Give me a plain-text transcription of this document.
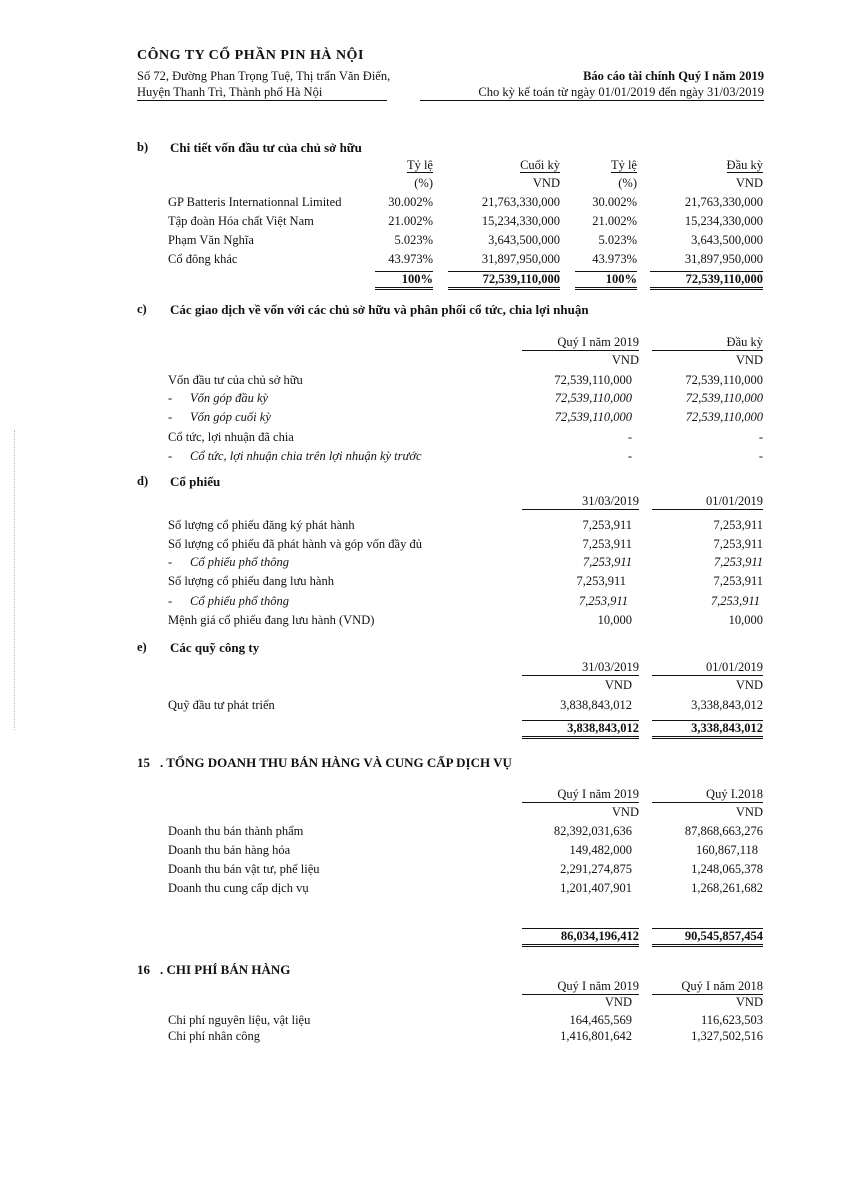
CÔNG TY CỔ PHẦN PIN HÀ NỘI
Số 72, Đường Phan Trọng Tuệ, Thị trấn Văn Điển,
Huyện Thanh Trì, Thành phố Hà Nội
Báo cáo tài chính Quý I năm 2019
Cho kỳ kế toán từ ngày 01/01/2019 đến ngày 31/03/2019
b) Chi tiết vốn đầu tư của chủ sở hữu
Tỷ lệ	Cuối kỳ	Tỷ lệ	Đầu kỳ
(%)	VND	(%)	VND
GP Batteris Internationnal Limited	30.002%	21,763,330,000	30.002%	21,763,330,000
Tập đoàn Hóa chất Việt Nam	21.002%	15,234,330,000	21.002%	15,234,330,000
Phạm Văn Nghĩa	5.023%	3,643,500,000	5.023%	3,643,500,000
Cổ đông khác	43.973%	31,897,950,000	43.973%	31,897,950,000
100%	72,539,110,000	100%	72,539,110,000
c) Các giao dịch về vốn với các chủ sở hữu và phân phối cổ tức, chia lợi nhuận
Quý I năm 2019	Đầu kỳ
VND	VND
Vốn đầu tư của chủ sở hữu	72,539,110,000	72,539,110,000
- Vốn góp đầu kỳ	72,539,110,000	72,539,110,000
- Vốn góp cuối kỳ	72,539,110,000	72,539,110,000
Cổ tức, lợi nhuận đã chia	-	-
- Cổ tức, lợi nhuận chia trên lợi nhuận kỳ trước	-	-
d) Cổ phiếu
31/03/2019	01/01/2019
Số lượng cổ phiếu đăng ký phát hành	7,253,911	7,253,911
Số lượng cổ phiếu đã phát hành và góp vốn đầy đủ	7,253,911	7,253,911
- Cổ phiếu phổ thông	7,253,911	7,253,911
Số lượng cổ phiếu đang lưu hành	7,253,911	7,253,911
- Cổ phiếu phổ thông	7,253,911	7,253,911
Mệnh giá cổ phiếu đang lưu hành (VND)	10,000	10,000
e) Các quỹ công ty
31/03/2019	01/01/2019
VND	VND
Quỹ đầu tư phát triển	3,838,843,012	3,338,843,012
3,838,843,012	3,338,843,012
15 . TỔNG DOANH THU BÁN HÀNG VÀ CUNG CẤP DỊCH VỤ
Quý I năm 2019	Quý I.2018
VND	VND
Doanh thu bán thành phẩm	82,392,031,636	87,868,663,276
Doanh thu bán hàng hóa	149,482,000	160,867,118
Doanh thu bán vật tư, phế liệu	2,291,274,875	1,248,065,378
Doanh thu cung cấp dịch vụ	1,201,407,901	1,268,261,682
86,034,196,412	90,545,857,454
16 . CHI PHÍ BÁN HÀNG
Quý I năm 2019	Quý I năm 2018
VND	VND
Chi phí nguyên liệu, vật liệu	164,465,569	116,623,503
Chi phí nhân công	1,416,801,642	1,327,502,516
